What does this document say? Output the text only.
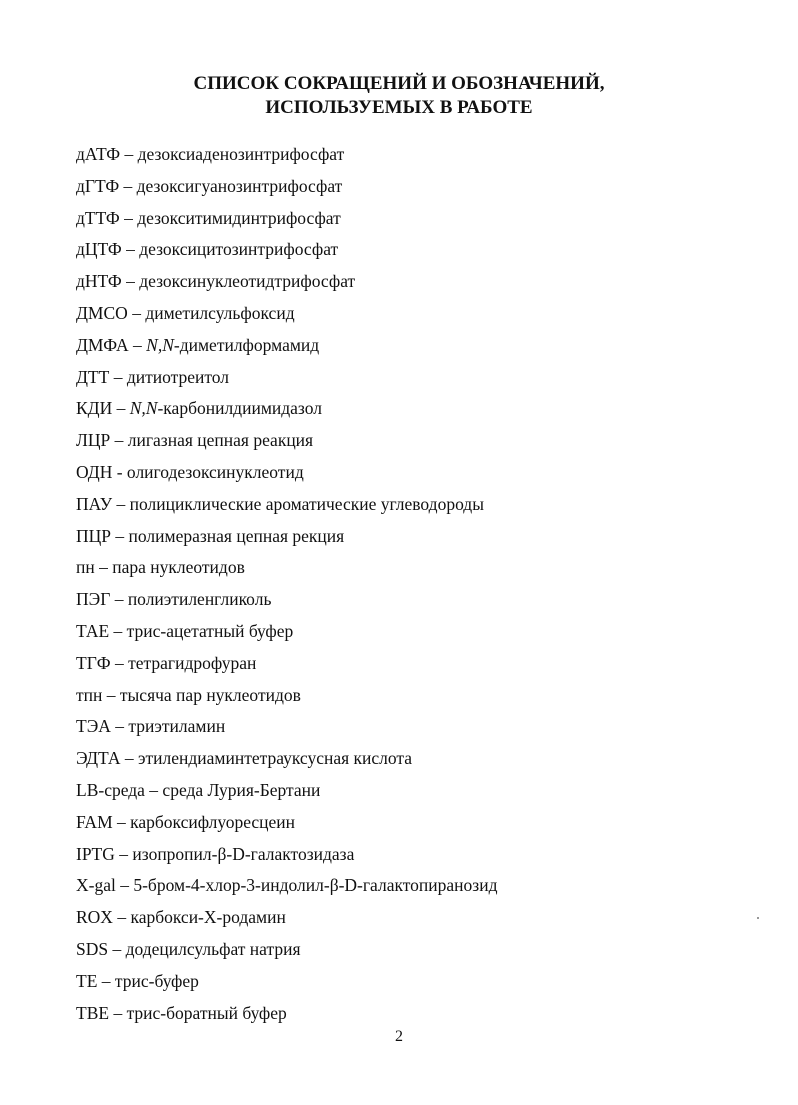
СПИСОК СОКРАЩЕНИЙ И ОБОЗНАЧЕНИЙ,
ИСПОЛЬЗУЕМЫХ В РАБОТЕ
дАТФ – дезоксиаденозинтрифосфат
дГТФ – дезоксигуанозинтрифосфат
дТТФ – дезокситимидинтрифосфат
дЦТФ – дезоксицитозинтрифосфат
дНТФ – дезоксинуклеотидтрифосфат
ДМСО – диметилсульфоксид
ДМФА – N,N-диметилформамид
ДТТ – дитиотреитол
КДИ – N,N-карбонилдиимидазол
ЛЦР – лигазная цепная реакция
ОДН - олигодезоксинуклеотид
ПАУ – полициклические ароматические углеводороды
ПЦР – полимеразная цепная рекция
пн – пара нуклеотидов
ПЭГ – полиэтиленгликоль
ТАЕ – трис-ацетатный буфер
ТГФ – тетрагидрофуран
тпн – тысяча пар нуклеотидов
ТЭА – триэтиламин
ЭДТА – этилендиаминтетрауксусная кислота
LB-среда – среда Лурия-Бертани
FAM – карбоксифлуоресцеин
IPTG – изопропил-β-D-галактозидаза
X-gal – 5-бром-4-хлор-3-индолил-β-D-галактопиранозид
ROX – карбокси-X-родамин
SDS – додецилсульфат натрия
TE – трис-буфер
TBE – трис-боратный буфер
2
